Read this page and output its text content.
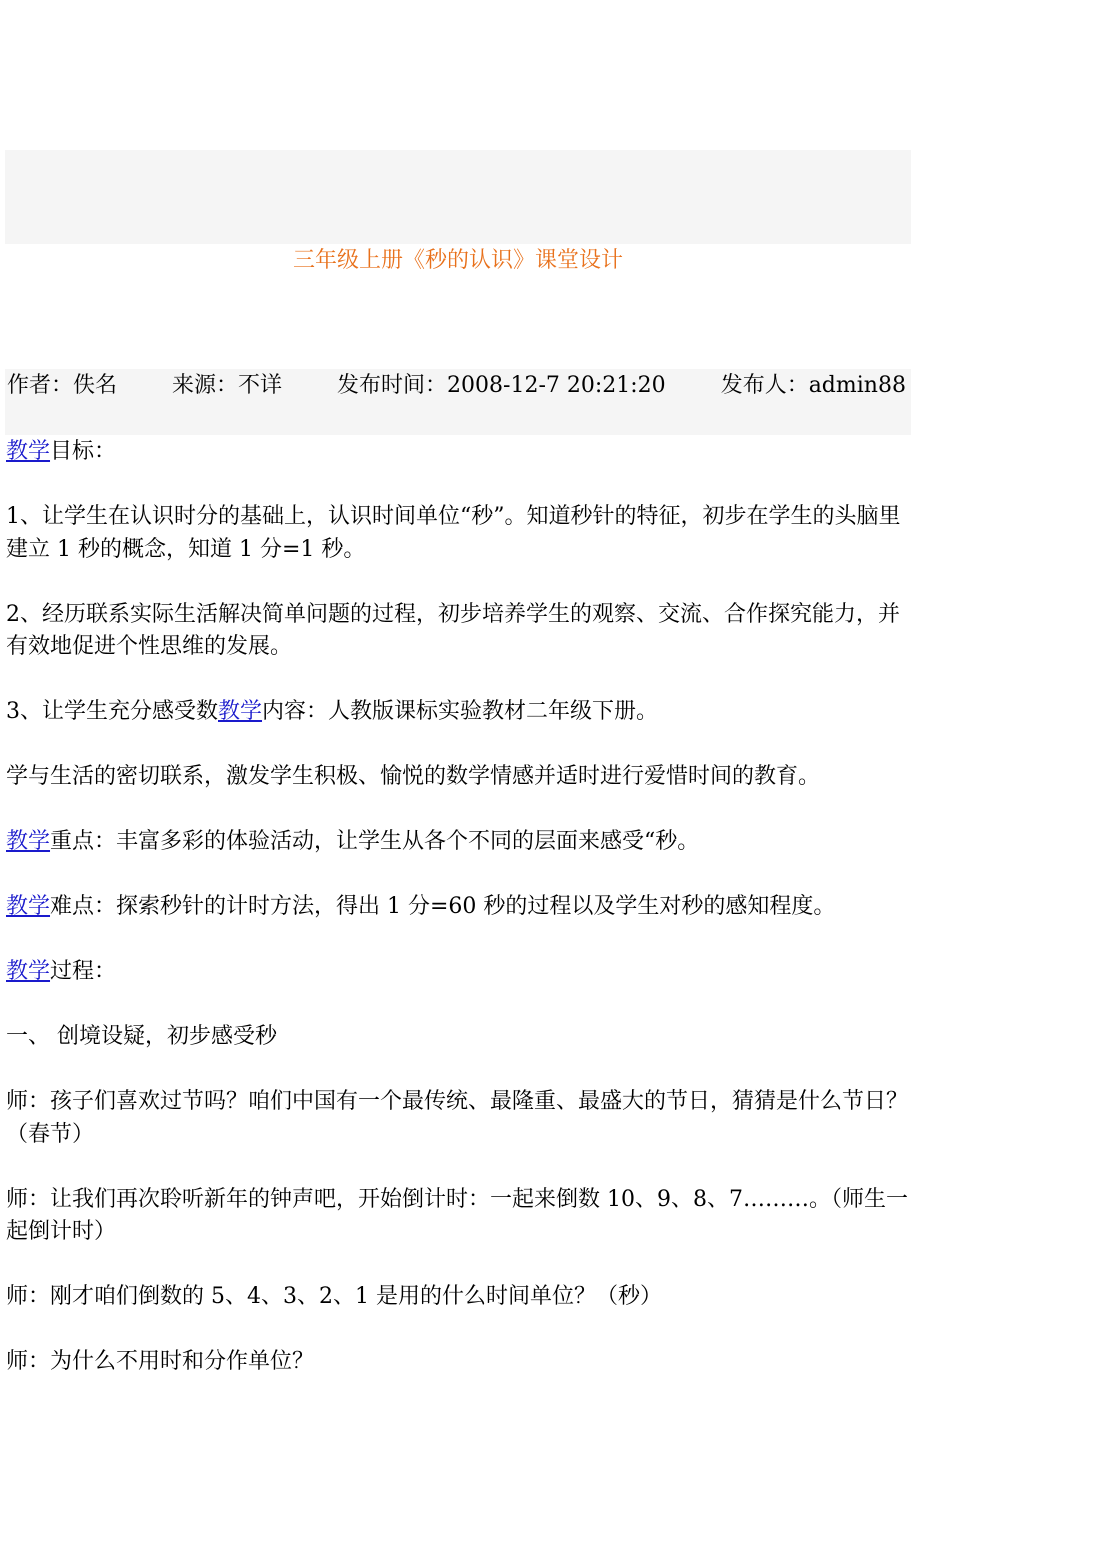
三年级上册《秒的认识》课堂设计
作者：佚名	来源：不详	发布时间：2008-12-7 20:21:20	发布人：admin88

教学目标：

1、让学生在认识时分的基础上，认识时间单位“秒”。知道秒针的特征，初步在学生的头脑里建立 1 秒的概念，知道 1 分=1 秒。

2、经历联系实际生活解决简单问题的过程，初步培养学生的观察、交流、合作探究能力，并有效地促进个性思维的发展。

3、让学生充分感受数教学内容：人教版课标实验教材二年级下册。

学与生活的密切联系，激发学生积极、愉悦的数学情感并适时进行爱惜时间的教育。

教学重点：丰富多彩的体验活动，让学生从各个不同的层面来感受“秒。

教学难点：探索秒针的计时方法，得出 1 分=60 秒的过程以及学生对秒的感知程度。

教学过程：

一、 创境设疑，初步感受秒

师：孩子们喜欢过节吗？咱们中国有一个最传统、最隆重、最盛大的节日，猜猜是什么节日？（春节）

师：让我们再次聆听新年的钟声吧，开始倒计时：一起来倒数 10、9、8、7………。（师生一起倒计时）

师：刚才咱们倒数的 5、4、3、2、1 是用的什么时间单位？（秒）

师：为什么不用时和分作单位？
